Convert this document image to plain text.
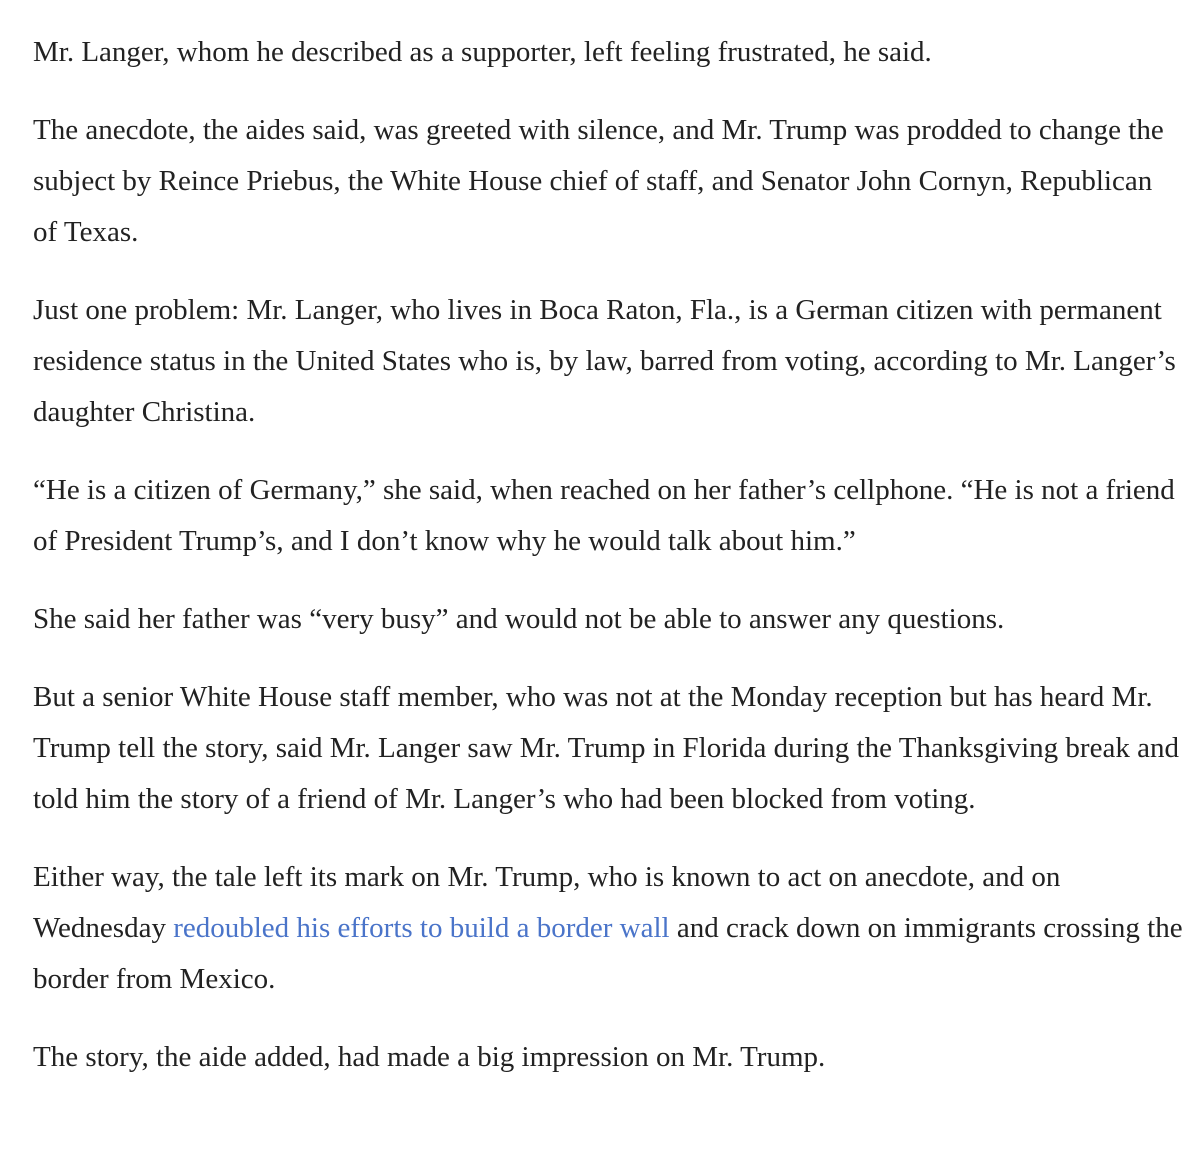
Mr. Langer, whom he described as a supporter, left feeling frustrated, he said.

The anecdote, the aides said, was greeted with silence, and Mr. Trump was prodded to change the subject by Reince Priebus, the White House chief of staff, and Senator John Cornyn, Republican of Texas.

Just one problem: Mr. Langer, who lives in Boca Raton, Fla., is a German citizen with permanent residence status in the United States who is, by law, barred from voting, according to Mr. Langer’s daughter Christina.

“He is a citizen of Germany,” she said, when reached on her father’s cellphone. “He is not a friend of President Trump’s, and I don’t know why he would talk about him.”

She said her father was “very busy” and would not be able to answer any questions.

But a senior White House staff member, who was not at the Monday reception but has heard Mr. Trump tell the story, said Mr. Langer saw Mr. Trump in Florida during the Thanksgiving break and told him the story of a friend of Mr. Langer’s who had been blocked from voting.

Either way, the tale left its mark on Mr. Trump, who is known to act on anecdote, and on Wednesday redoubled his efforts to build a border wall and crack down on immigrants crossing the border from Mexico.

The story, the aide added, had made a big impression on Mr. Trump.
